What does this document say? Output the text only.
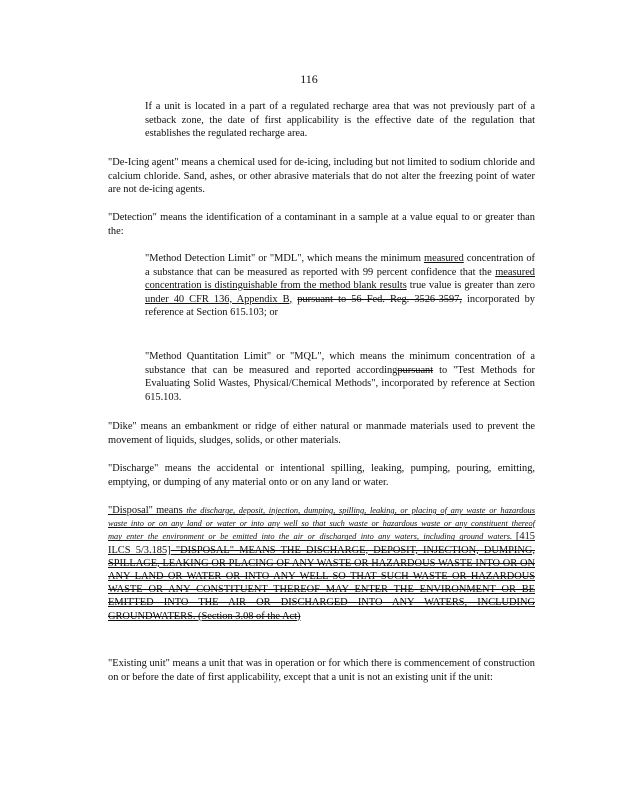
116

If a unit is located in a part of a regulated recharge area that was not previously part of a setback zone, the date of first applicability is the effective date of the regulation that establishes the regulated recharge area.

"De-Icing agent" means a chemical used for de-icing, including but not limited to sodium chloride and calcium chloride. Sand, ashes, or other abrasive materials that do not alter the freezing point of water are not de-icing agents.

"Detection" means the identification of a contaminant in a sample at a value equal to or greater than the:

"Method Detection Limit" or "MDL", which means the minimum measured concentration of a substance that can be measured as reported with 99 percent confidence that the measured concentration is distinguishable from the method blank results true value is greater than zero under 40 CFR 136, Appendix B, pursuant to 56 Fed. Reg. 3526-3597, incorporated by reference at Section 615.103; or

"Method Quantitation Limit" or "MQL", which means the minimum concentration of a substance that can be measured and reported accordingpursuant to "Test Methods for Evaluating Solid Wastes, Physical/Chemical Methods", incorporated by reference at Section 615.103.

"Dike" means an embankment or ridge of either natural or manmade materials used to prevent the movement of liquids, sludges, solids, or other materials.

"Discharge" means the accidental or intentional spilling, leaking, pumping, pouring, emitting, emptying, or dumping of any material onto or on any land or water.

"Disposal" means the discharge, deposit, injection, dumping, spilling, leaking, or placing of any waste or hazardous waste into or on any land or water or into any well so that such waste or hazardous waste or any constituent thereof may enter the environment or be emitted into the air or discharged into any waters, including ground waters. [415 ILCS 5/3.185] "DISPOSAL" MEANS THE DISCHARGE, DEPOSIT, INJECTION, DUMPING, SPILLAGE, LEAKING OR PLACING OF ANY WASTE OR HAZARDOUS WASTE INTO OR ON ANY LAND OR WATER OR INTO ANY WELL SO THAT SUCH WASTE OR HAZARDOUS WASTE OR ANY CONSTITUENT THEREOF MAY ENTER THE ENVIRONMENT OR BE EMITTED INTO THE AIR OR DISCHARGED INTO ANY WATERS, INCLUDING GROUNDWATERS. (Section 3.08 of the Act)

"Existing unit" means a unit that was in operation or for which there is commencement of construction on or before the date of first applicability, except that a unit is not an existing unit if the unit:
